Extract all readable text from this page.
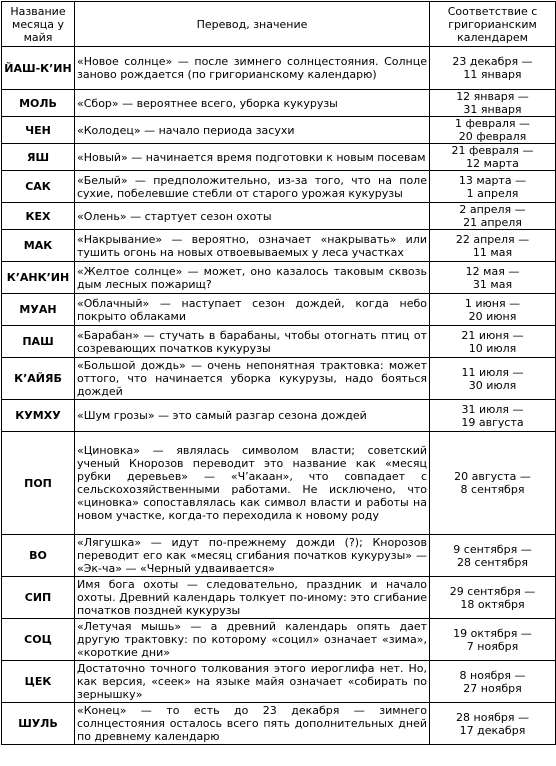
Название месяца у майя	Перевод, значение	Соответствие с григорианским календарем
ЙАШ-К’ИН	«Новое солнце» — после зимнего солнцестояния. Солнце заново рождается (по григорианскому календарю)	23 декабря —
11 января

МОЛЬ	«Сбор» — вероятнее всего, уборка кукурузы	12 января —
31 января

ЧЕН	«Колодец» — начало периода засухи	1 февраля —
20 февраля

ЯШ	«Новый» — начинается время подготовки к новым посевам	21 февраля —
12 марта

САК	«Белый» — предположительно, из-за того, что на поле сухие, побелевшие стебли от старого урожая кукурузы	13 марта —
1 апреля

КЕХ	«Олень» — стартует сезон охоты	2 апреля —
21 апреля

МАК	«Накрывание» — вероятно, означает «накрывать» или тушить огонь на новых отвоевываемых у леса участках	22 апреля —
11 мая

К’АНК’ИН	«Желтое солнце» — может, оно казалось таковым сквозь дым лесных пожарищ?	12 мая —
31 мая

МУАН	«Облачный» — наступает сезон дождей, когда небо покрыто облаками	1 июня —
20 июня

ПАШ	«Барабан» — стучать в барабаны, чтобы отогнать птиц от созревающих початков кукурузы	21 июня —
10 июля

К’АЙЯБ	«Большой дождь» — очень непонятная трактовка: может оттого, что начинается уборка кукурузы, надо бояться дождей	11 июля —
30 июля

КУМХУ	«Шум грозы» — это самый разгар сезона дождей	31 июля —
19 августа

ПОП	«Циновка» — являлась символом власти; советский ученый Кнорозов переводит это название как «месяц рубки деревьев» — «Ч’акаан», что совпадает с сельскохозяйственными работами. Не исключено, что «циновка» сопоставлялась как символ власти и работы на новом участке, когда-то переходила к новому роду	20 августа —
8 сентября

ВО	«Лягушка» — идут по-прежнему дожди (?); Кнорозов переводит его как «месяц сгибания початков кукурузы» — «Эк-ча» — «Черный удваивается»	9 сентября —
28 сентября

СИП	Имя бога охоты — следовательно, праздник и начало охоты. Древний календарь толкует по-иному: это сгибание початков поздней кукурузы	29 сентября —
18 октября

СОЦ	«Летучая мышь» — а древний календарь опять дает другую трактовку: по которому «социл» означает «зима», «короткие дни»	19 октября —
7 ноября

ЦЕК	Достаточно точного толкования этого иероглифа нет. Но, как версия, «сеек» на языке майя означает «собирать по зернышку»	8 ноября —
27 ноября

ШУЛЬ	«Конец» — то есть до 23 декабря — зимнего солнцестояния осталось всего пять дополнительных дней по древнему календарю	28 ноября —
17 декабря
